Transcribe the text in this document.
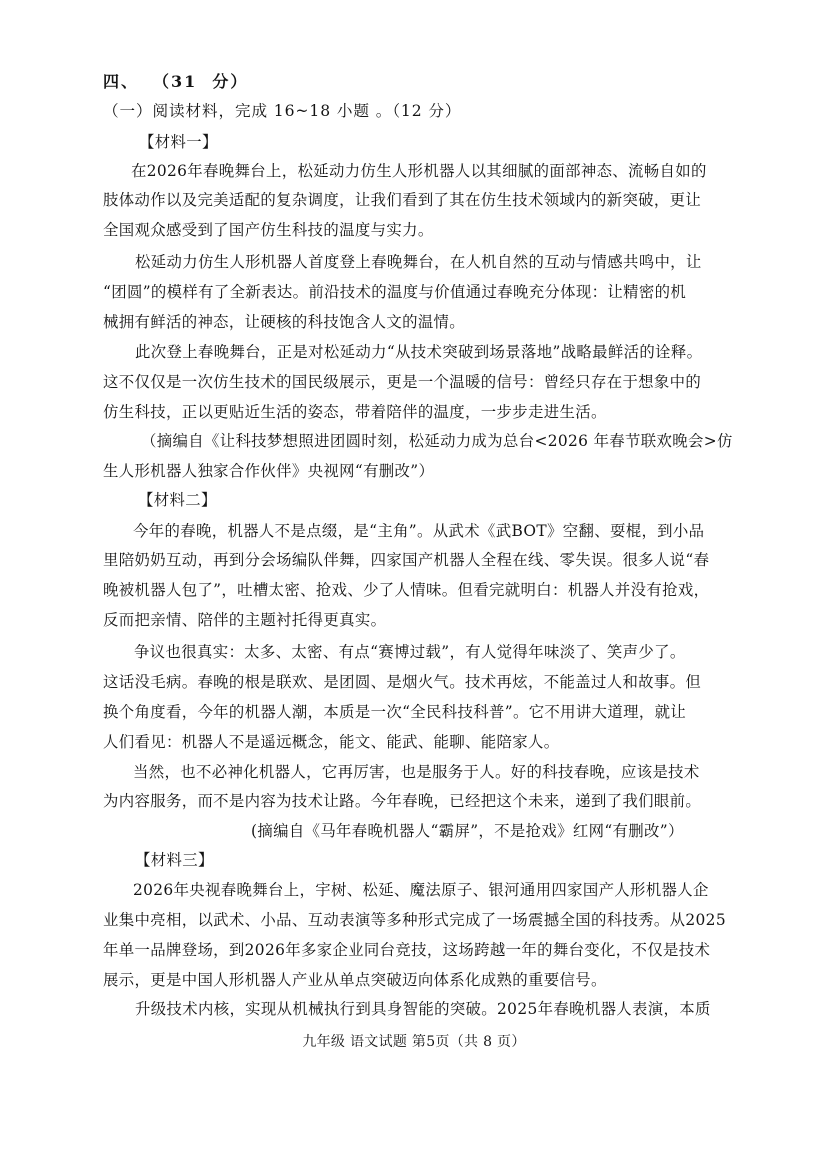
四、 （31  分）
（一）阅读材料，完成 16~18 小题 。（12 分）
【材料一】
在2026年春晚舞台上，松延动力仿生人形机器人以其细腻的面部神态、流畅自如的
肢体动作以及完美适配的复杂调度，让我们看到了其在仿生技术领域内的新突破，更让
全国观众感受到了国产仿生科技的温度与实力。
松延动力仿生人形机器人首度登上春晚舞台，在人机自然的互动与情感共鸣中，让
“团圆”的模样有了全新表达。前沿技术的温度与价值通过春晚充分体现：让精密的机
械拥有鲜活的神态，让硬核的科技饱含人文的温情。
此次登上春晚舞台，正是对松延动力“从技术突破到场景落地”战略最鲜活的诠释。
这不仅仅是一次仿生技术的国民级展示，更是一个温暖的信号：曾经只存在于想象中的
仿生科技，正以更贴近生活的姿态，带着陪伴的温度，一步步走进生活。
（摘编自《让科技梦想照进团圆时刻，松延动力成为总台<2026 年春节联欢晚会>仿
生人形机器人独家合作伙伴》央视网“有删改”）
【材料二】
今年的春晚，机器人不是点缀，是“主角”。从武术《武BOT》空翻、耍棍，到小品
里陪奶奶互动，再到分会场编队伴舞，四家国产机器人全程在线、零失误。很多人说“春
晚被机器人包了”，吐槽太密、抢戏、少了人情味。但看完就明白：机器人并没有抢戏，
反而把亲情、陪伴的主题衬托得更真实。
争议也很真实：太多、太密、有点“赛博过载”，有人觉得年味淡了、笑声少了。
这话没毛病。春晚的根是联欢、是团圆、是烟火气。技术再炫，不能盖过人和故事。但
换个角度看，今年的机器人潮，本质是一次“全民科技科普”。它不用讲大道理，就让
人们看见：机器人不是遥远概念，能文、能武、能聊、能陪家人。
当然，也不必神化机器人，它再厉害，也是服务于人。好的科技春晚，应该是技术
为内容服务，而不是内容为技术让路。今年春晚，已经把这个未来，递到了我们眼前。
(摘编自《马年春晚机器人“霸屏”，不是抢戏》红网“有删改”）
【材料三】
2026年央视春晚舞台上，宇树、松延、魔法原子、银河通用四家国产人形机器人企
业集中亮相，以武术、小品、互动表演等多种形式完成了一场震撼全国的科技秀。从2025
年单一品牌登场，到2026年多家企业同台竞技，这场跨越一年的舞台变化，不仅是技术
展示，更是中国人形机器人产业从单点突破迈向体系化成熟的重要信号。
升级技术内核，实现从机械执行到具身智能的突破。2025年春晚机器人表演，本质
九年级 语文试题 第5页（共 8 页）
